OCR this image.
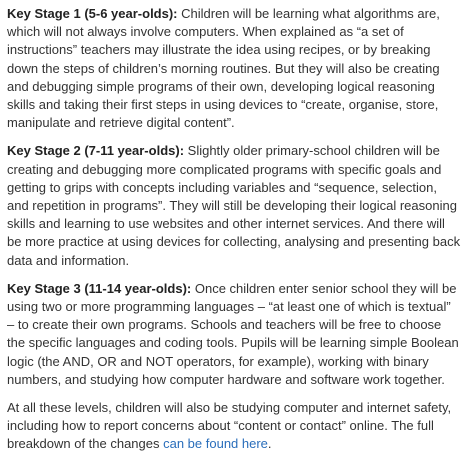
Key Stage 1 (5-6 year-olds): Children will be learning what algorithms are, which will not always involve computers. When explained as “a set of instructions” teachers may illustrate the idea using recipes, or by breaking down the steps of children’s morning routines. But they will also be creating and debugging simple programs of their own, developing logical reasoning skills and taking their first steps in using devices to “create, organise, store, manipulate and retrieve digital content”.

Key Stage 2 (7-11 year-olds): Slightly older primary-school children will be creating and debugging more complicated programs with specific goals and getting to grips with concepts including variables and “sequence, selection, and repetition in programs”. They will still be developing their logical reasoning skills and learning to use websites and other internet services. And there will be more practice at using devices for collecting, analysing and presenting back data and information.

Key Stage 3 (11-14 year-olds): Once children enter senior school they will be using two or more programming languages – “at least one of which is textual” – to create their own programs. Schools and teachers will be free to choose the specific languages and coding tools. Pupils will be learning simple Boolean logic (the AND, OR and NOT operators, for example), working with binary numbers, and studying how computer hardware and software work together.

At all these levels, children will also be studying computer and internet safety, including how to report concerns about “content or contact” online. The full breakdown of the changes can be found here.
